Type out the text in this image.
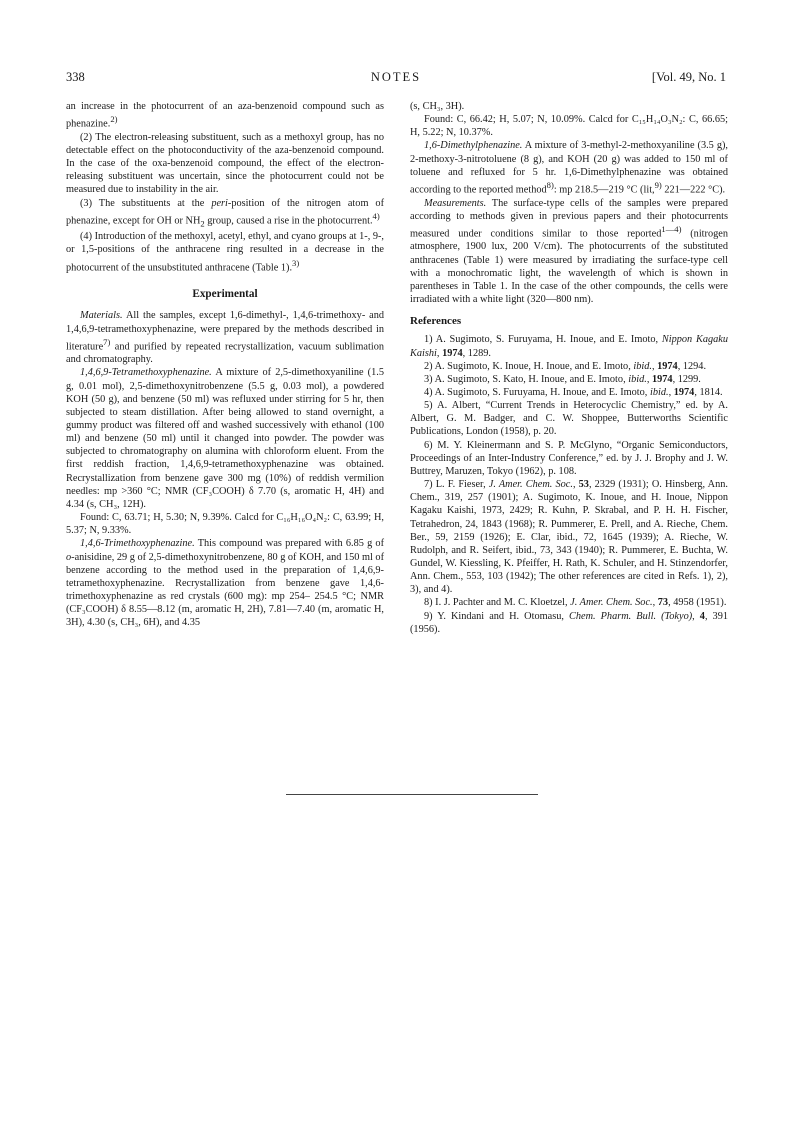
338	NOTES	[Vol. 49, No. 1

an increase in the photocurrent of an aza-benzenoid compound such as phenazine.$^{2)}$

(2) The electron-releasing substituent, such as a methoxyl group, has no detectable effect on the photoconductivity of the aza-benzenoid compound. In the case of the oxa-benzenoid compound, the effect of the electron-releasing substituent was uncertain, since the photocurrent could not be measured due to instability in the air.

(3) The substituents at the peri-position of the nitrogen atom of phenazine, except for OH or $NH_2$ group, caused a rise in the photocurrent.$^{4)}$

(4) Introduction of the methoxyl, acetyl, ethyl, and cyano groups at 1-, 9-, or 1,5-positions of the anthracene ring resulted in a decrease in the photocurrent of the unsubstituted anthracene (Table 1).$^{3)}$

Experimental

Materials. All the samples, except 1,6-dimethyl-, 1,4,6-trimethoxy- and 1,4,6,9-tetramethoxyphenazine, were prepared by the methods described in literature$^{7)}$ and purified by repeated recrystallization, vacuum sublimation and chromatography.

1,4,6,9-Tetramethoxyphenazine. A mixture of 2,5-dimethoxyaniline (1.5 g, 0.01 mol), 2,5-dimethoxynitrobenzene (5.5 g, 0.03 mol), a powdered KOH (50 g), and benzene (50 ml) was refluxed under stirring for 5 hr, then subjected to steam distillation. After being allowed to stand overnight, a gummy product was filtered off and washed successively with ethanol (100 ml) and benzene (50 ml) until it changed into powder. The powder was subjected to chromatography on alumina with chloroform eluent. From the first reddish fraction, 1,4,6,9-tetramethoxyphenazine was obtained. Recrystallization from benzene gave 300 mg (10%) of reddish vermilion needles: mp >360 °C; NMR (CF₃COOH) δ 7.70 (s, aromatic H, 4H) and 4.34 (s, CH₃, 12H).

Found: C, 63.71; H, 5.30; N, 9.39%. Calcd for C₁₆H₁₆O₄N₂: C, 63.99; H, 5.37; N, 9.33%.

1,4,6-Trimethoxyphenazine. This compound was prepared with 6.85 g of o-anisidine, 29 g of 2,5-dimethoxynitrobenzene, 80 g of KOH, and 150 ml of benzene according to the method used in the preparation of 1,4,6,9-tetramethoxyphenazine. Recrystallization from benzene gave 1,4,6-trimethoxyphenazine as red crystals (600 mg): mp 254– 254.5 °C; NMR (CF₃COOH) δ 8.55—8.12 (m, aromatic H, 2H), 7.81—7.40 (m, aromatic H, 3H), 4.30 (s, CH₃, 6H), and 4.35

(s, CH₃, 3H).

Found: C, 66.42; H, 5.07; N, 10.09%. Calcd for C₁₅H₁₄O₃N₂: C, 66.65; H, 5.22; N, 10.37%.

1,6-Dimethylphenazine. A mixture of 3-methyl-2-methoxyaniline (3.5 g), 2-methoxy-3-nitrotoluene (8 g), and KOH (20 g) was added to 150 ml of toluene and refluxed for 5 hr. 1,6-Dimethylphenazine was obtained according to the reported method$^{8)}$: mp 218.5—219 °C (lit,$^{9)}$ 221—222 °C).

Measurements. The surface-type cells of the samples were prepared according to methods given in previous papers and their photocurrents measured under conditions similar to those reported$^{1—4)}$ (nitrogen atmosphere, 1900 lux, 200 V/cm). The photocurrents of the substituted anthracenes (Table 1) were measured by irradiating the surface-type cell with a monochromatic light, the wavelength of which is shown in parentheses in Table 1. In the case of the other compounds, the cells were irradiated with a white light (320—800 nm).

References

1) A. Sugimoto, S. Furuyama, H. Inoue, and E. Imoto, Nippon Kagaku Kaishi, 1974, 1289.

2) A. Sugimoto, K. Inoue, H. Inoue, and E. Imoto, ibid., 1974, 1294.

3) A. Sugimoto, S. Kato, H. Inoue, and E. Imoto, ibid., 1974, 1299.

4) A. Sugimoto, S. Furuyama, H. Inoue, and E. Imoto, ibid., 1974, 1814.

5) A. Albert, “Current Trends in Heterocyclic Chemistry,” ed. by A. Albert, G. M. Badger, and C. W. Shoppee, Butterworths Scientific Publications, London (1958), p. 20.

6) M. Y. Kleinermann and S. P. McGlyno, “Organic Semiconductors, Proceedings of an Inter-Industry Conference,” ed. by J. J. Brophy and J. W. Buttrey, Maruzen, Tokyo (1962), p. 108.

7) L. F. Fieser, J. Amer. Chem. Soc., 53, 2329 (1931); O. Hinsberg, Ann. Chem., 319, 257 (1901); A. Sugimoto, K. Inoue, and H. Inoue, Nippon Kagaku Kaishi, 1973, 2429; R. Kuhn, P. Skrabal, and P. H. H. Fischer, Tetrahedron, 24, 1843 (1968); R. Pummerer, E. Prell, and A. Rieche, Chem. Ber., 59, 2159 (1926); E. Clar, ibid., 72, 1645 (1939); A. Rieche, W. Rudolph, and R. Seifert, ibid., 73, 343 (1940); R. Pummerer, E. Buchta, W. Gundel, W. Kiessling, K. Pfeiffer, H. Rath, K. Schuler, and H. Stinzendorfer, Ann. Chem., 553, 103 (1942); The other references are cited in Refs. 1), 2), 3), and 4).

8) I. J. Pachter and M. C. Kloetzel, J. Amer. Chem. Soc., 73, 4958 (1951).

9) Y. Kindani and H. Otomasu, Chem. Pharm. Bull. (Tokyo), 4, 391 (1956).
